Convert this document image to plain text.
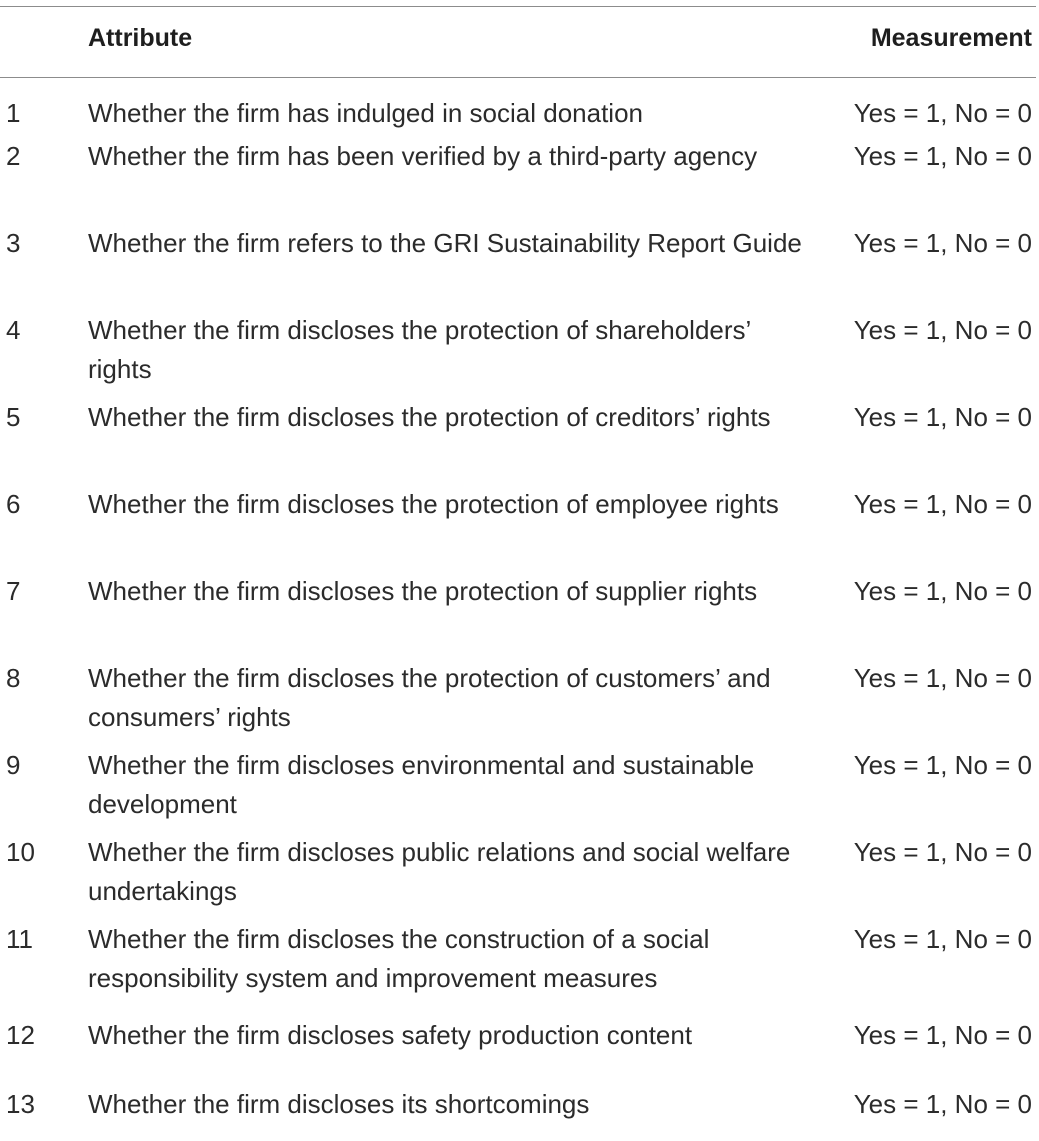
	Attribute	Measurement
1	Whether the firm has indulged in social donation	Yes = 1, No = 0
2	Whether the firm has been verified by a third-party agency	Yes = 1, No = 0
3	Whether the firm refers to the GRI Sustainability Report Guide	Yes = 1, No = 0
4	Whether the firm discloses the protection of shareholders’ rights	Yes = 1, No = 0
5	Whether the firm discloses the protection of creditors’ rights	Yes = 1, No = 0
6	Whether the firm discloses the protection of employee rights	Yes = 1, No = 0
7	Whether the firm discloses the protection of supplier rights	Yes = 1, No = 0
8	Whether the firm discloses the protection of customers’ and consumers’ rights	Yes = 1, No = 0
9	Whether the firm discloses environmental and sustainable development	Yes = 1, No = 0
10	Whether the firm discloses public relations and social welfare undertakings	Yes = 1, No = 0
11	Whether the firm discloses the construction of a social responsibility system and improvement measures	Yes = 1, No = 0
12	Whether the firm discloses safety production content	Yes = 1, No = 0
13	Whether the firm discloses its shortcomings	Yes = 1, No = 0
